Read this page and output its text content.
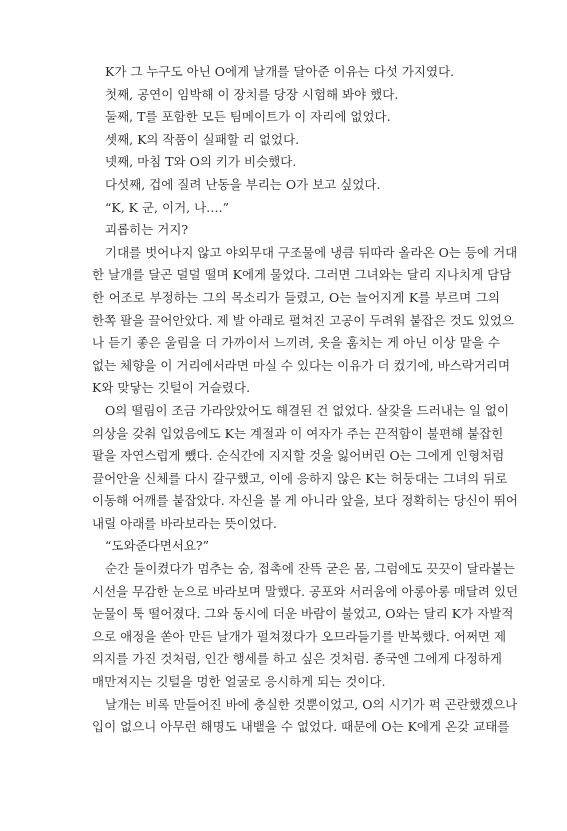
K가 그 누구도 아닌 O에게 날개를 달아준 이유는 다섯 가지였다.
첫째, 공연이 임박해 이 장치를 당장 시험해 봐야 했다.
둘째, T를 포함한 모든 팀메이트가 이 자리에 없었다.
셋째, K의 작품이 실패할 리 없었다.
넷째, 마침 T와 O의 키가 비슷했다.
다섯째, 겁에 질려 난동을 부리는 O가 보고 싶었다.
“K, K 군, 이거, 나….”
괴롭히는 거지?
기대를 벗어나지 않고 야외무대 구조물에 냉큼 뒤따라 올라온 O는 등에 거대
한 날개를 달곤 덜덜 떨며 K에게 물었다. 그러면 그녀와는 달리 지나치게 담담
한 어조로 부정하는 그의 목소리가 들렸고, O는 늘어지게 K를 부르며 그의
한쪽 팔을 끌어안았다. 제 발 아래로 펼쳐진 고공이 두려워 붙잡은 것도 있었으
나 듣기 좋은 울림을 더 가까이서 느끼려, 옷을 훔치는 게 아닌 이상 맡을 수
없는 체향을 이 거리에서라면 마실 수 있다는 이유가 더 컸기에, 바스락거리며
K와 맞닿는 깃털이 거슬렸다.
O의 떨림이 조금 가라앉았어도 해결된 건 없었다. 살갗을 드러내는 일 없이
의상을 갖춰 입었음에도 K는 계절과 이 여자가 주는 끈적함이 불편해 붙잡힌
팔을 자연스럽게 뺐다. 순식간에 지지할 것을 잃어버린 O는 그에게 인형처럼
끌어안을 신체를 다시 갈구했고, 이에 응하지 않은 K는 허둥대는 그녀의 뒤로
이동해 어깨를 붙잡았다. 자신을 볼 게 아니라 앞을, 보다 정확히는 당신이 뛰어
내릴 아래를 바라보라는 뜻이었다.
“도와준다면서요?”
순간 들이켰다가 멈추는 숨, 접촉에 잔뜩 굳은 몸, 그럼에도 끗끗이 달라붙는
시선을 무감한 눈으로 바라보며 말했다. 공포와 서러움에 아롱아롱 매달려 있던
눈물이 툭 떨어졌다. 그와 동시에 더운 바람이 불었고, O와는 달리 K가 자발적
으로 애정을 쏟아 만든 날개가 펄쳐졌다가 오므라들기를 반복했다. 어쩌면 제
의지를 가진 것처럼, 인간 행세를 하고 싶은 것처럼. 종국엔 그에게 다정하게
매만져지는 깃털을 멍한 얼굴로 응시하게 되는 것이다.
날개는 비록 만들어진 바에 충실한 것뿐이었고, O의 시기가 퍽 곤란했겠으나
입이 없으니 아무런 해명도 내뱉을 수 없었다. 때문에 O는 K에게 온갖 교태를
